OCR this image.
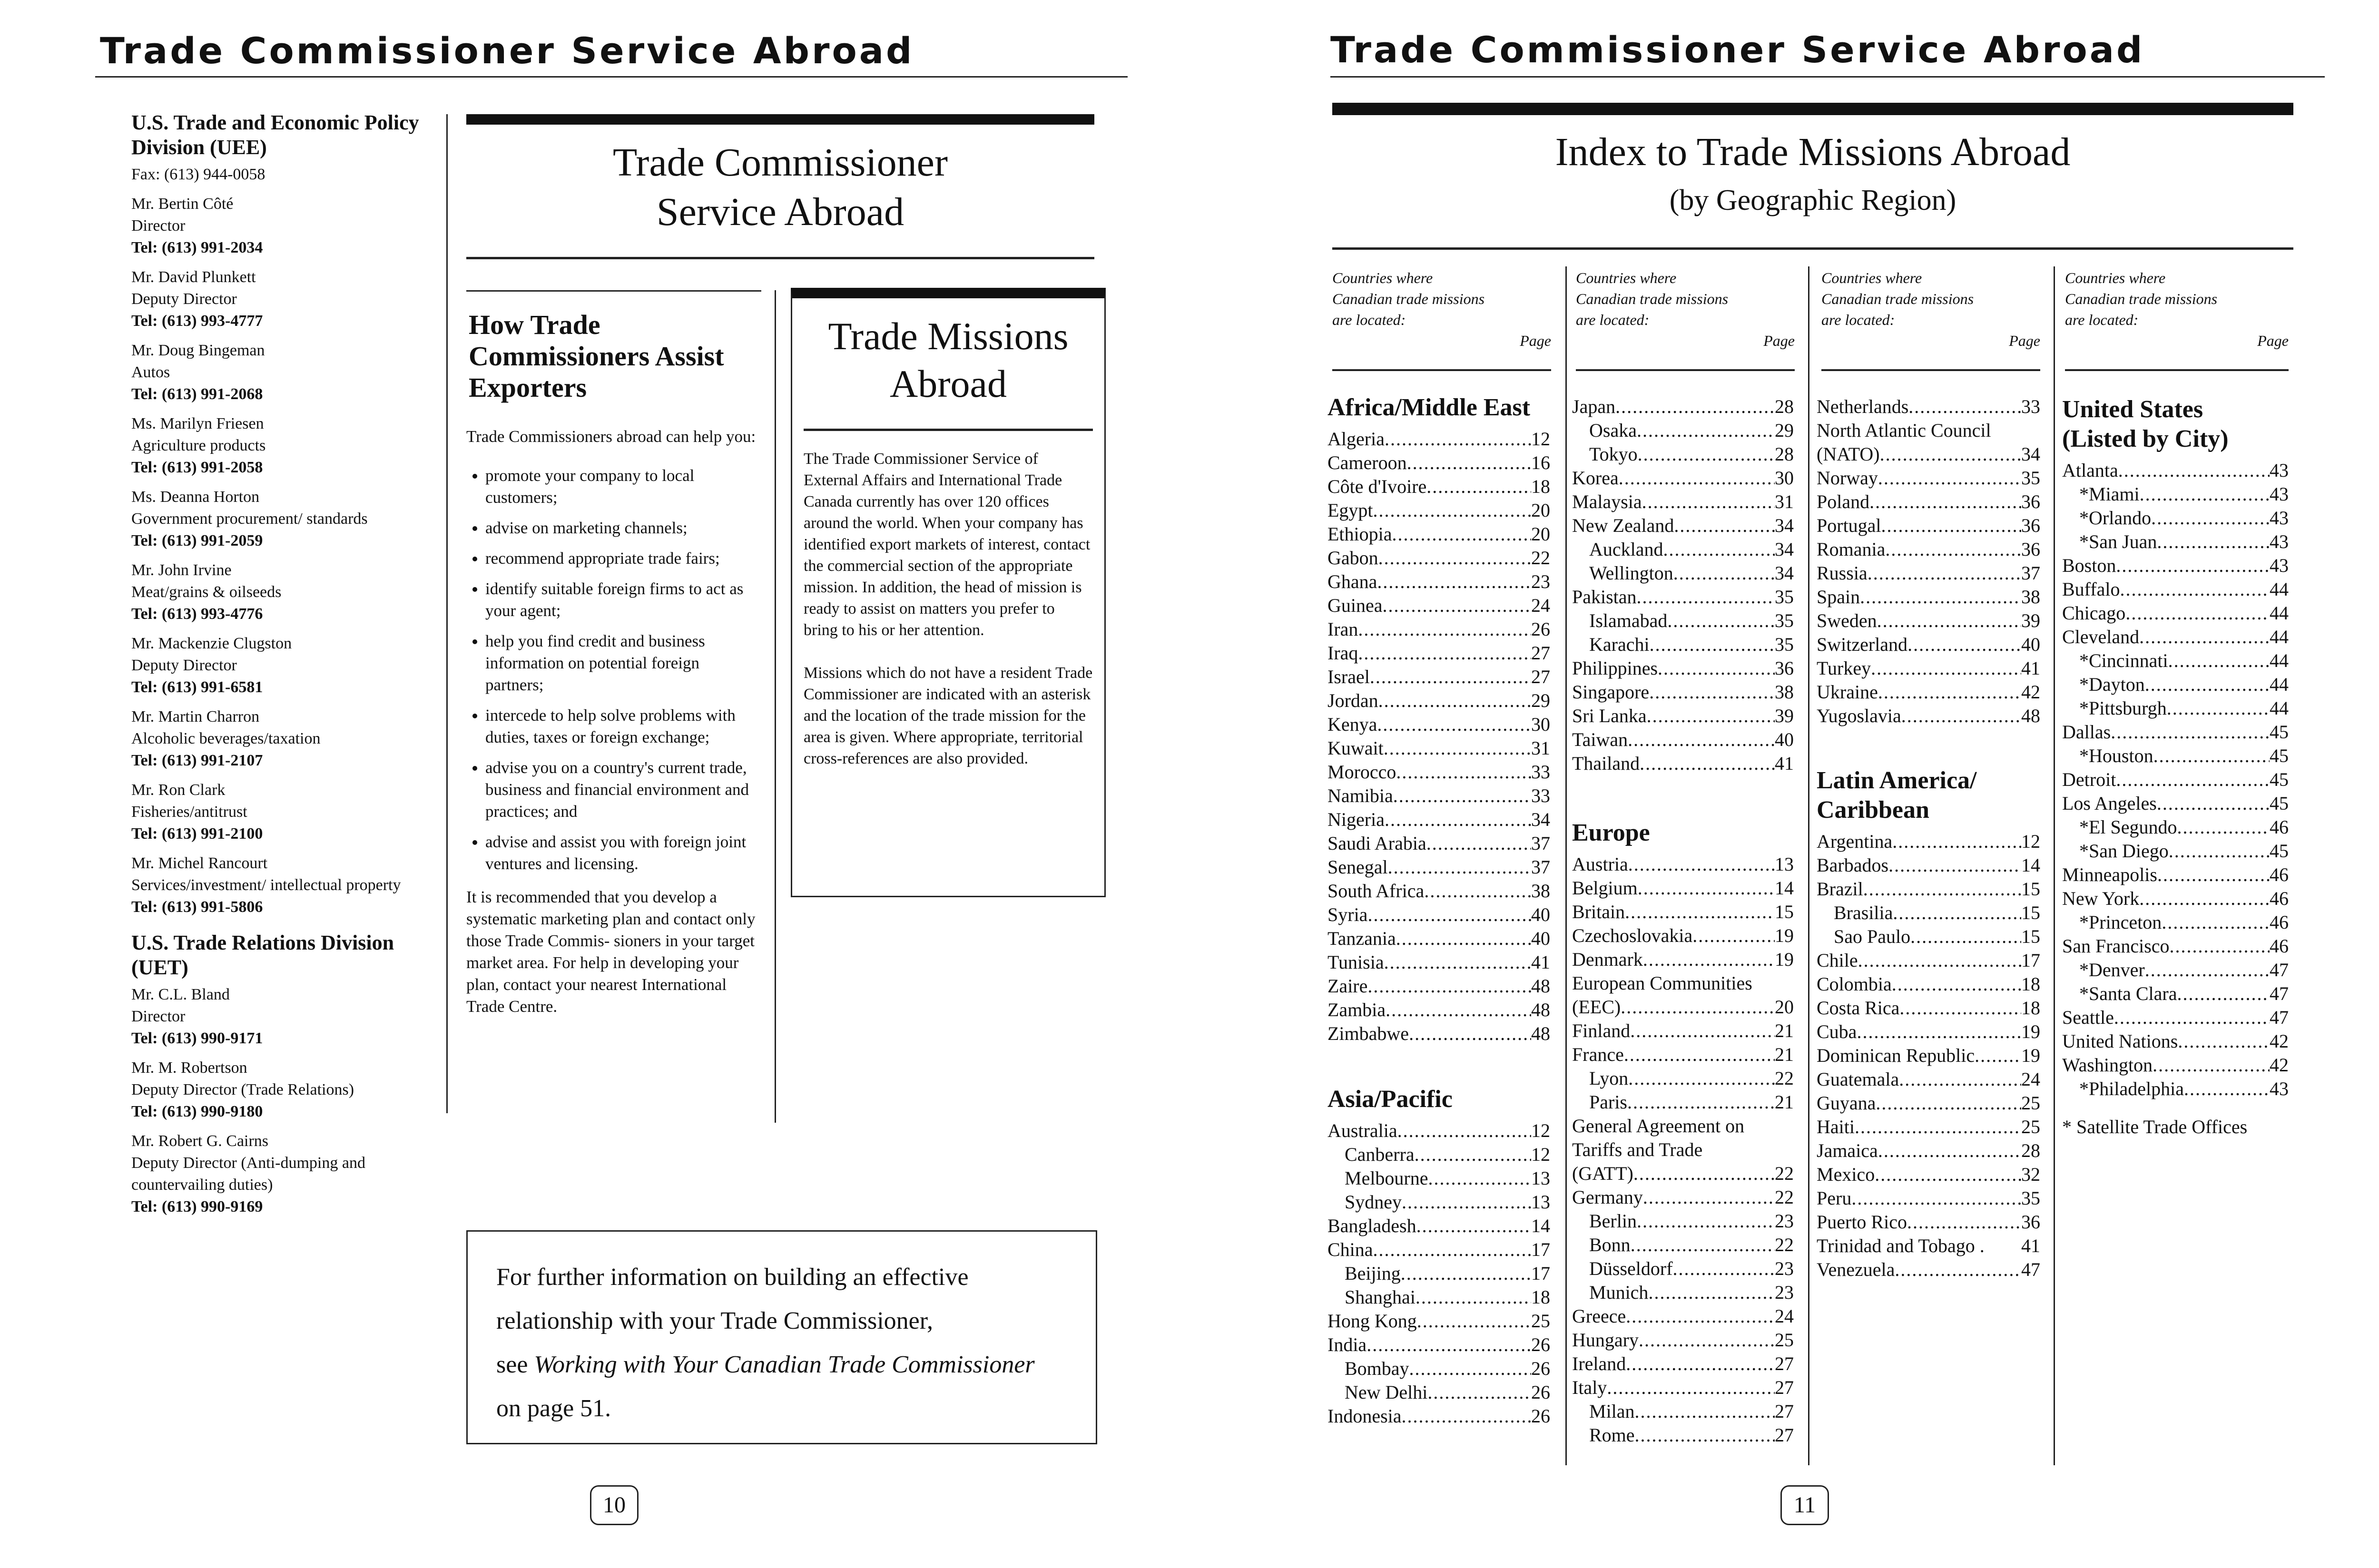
Trade Commissioner Service Abroad
U.S. Trade and Economic Policy Division (UEE)
Fax: (613) 944-0058
Mr. Bertin Côté
Director
Tel: (613) 991-2034
Mr. David Plunkett
Deputy Director
Tel: (613) 993-4777
Mr. Doug Bingeman
Autos
Tel: (613) 991-2068
Ms. Marilyn Friesen
Agriculture products
Tel: (613) 991-2058
Ms. Deanna Horton
Government procurement/ standards
Tel: (613) 991-2059
Mr. John Irvine
Meat/grains & oilseeds
Tel: (613) 993-4776
Mr. Mackenzie Clugston
Deputy Director
Tel: (613) 991-6581
Mr. Martin Charron
Alcoholic beverages/taxation
Tel: (613) 991-2107
Mr. Ron Clark
Fisheries/antitrust
Tel: (613) 991-2100
Mr. Michel Rancourt
Services/investment/ intellectual property
Tel: (613) 991-5806
U.S. Trade Relations Division (UET)
Mr. C.L. Bland
Director
Tel: (613) 990-9171
Mr. M. Robertson
Deputy Director (Trade Relations)
Tel: (613) 990-9180
Mr. Robert G. Cairns
Deputy Director (Anti-dumping and countervailing duties)
Tel: (613) 990-9169
Trade Commissioner
Service Abroad
How Trade Commissioners Assist Exporters
Trade Commissioners abroad can help you:
• promote your company to local customers;
• advise on marketing channels;
• recommend appropriate trade fairs;
• identify suitable foreign firms to act as your agent;
• help you find credit and business information on potential foreign partners;
• intercede to help solve problems with duties, taxes or foreign exchange;
• advise you on a country's current trade, business and financial environment and practices; and
• advise and assist you with foreign joint ventures and licensing.
It is recommended that you develop a systematic marketing plan and contact only those Trade Commis- sioners in your target market area. For help in developing your plan, contact your nearest International Trade Centre.
Trade Missions
Abroad
The Trade Commissioner Service of External Affairs and International Trade Canada currently has over 120 offices around the world. When your company has identified export markets of interest, contact the commercial section of the appropriate mission. In addition, the head of mission is ready to assist on matters you prefer to bring to his or her attention.
Missions which do not have a resident Trade Commissioner are indicated with an asterisk and the location of the trade mission for the area is given. Where appropriate, territorial cross-references are also provided.
For further information on building an effective
relationship with your Trade Commissioner,
see Working with Your Canadian Trade Commissioner
on page 51.
10
Trade Commissioner Service Abroad
Index to Trade Missions Abroad
(by Geographic Region)
Countries where
Canadian trade missions
are located:
Page
Countries where
Canadian trade missions
are located:
Page
Countries where
Canadian trade missions
are located:
Page
Countries where
Canadian trade missions
are located:
Page
Africa/Middle East
Algeria .....	12
Cameroon .....	16
Côte d'Ivoire .....	18
Egypt .....	20
Ethiopia .....	20
Gabon .....	22
Ghana .....	23
Guinea .....	24
Iran .....	26
Iraq .....	27
Israel .....	27
Jordan .....	29
Kenya .....	30
Kuwait .....	31
Morocco .....	33
Namibia .....	33
Nigeria .....	34
Saudi Arabia .....	37
Senegal .....	37
South Africa .....	38
Syria .....	40
Tanzania .....	40
Tunisia .....	41
Zaire .....	48
Zambia .....	48
Zimbabwe .....	48
Asia/Pacific
Australia .....	12
Canberra .....	12
Melbourne .....	13
Sydney .....	13
Bangladesh .....	14
China .....	17
Beijing .....	17
Shanghai .....	18
Hong Kong .....	25
India .....	26
Bombay .....	26
New Delhi .....	26
Indonesia .....	26
Japan .....	28
Osaka .....	29
Tokyo .....	28
Korea .....	30
Malaysia .....	31
New Zealand .....	34
Auckland .....	34
Wellington .....	34
Pakistan .....	35
Islamabad .....	35
Karachi .....	35
Philippines .....	36
Singapore .....	38
Sri Lanka .....	39
Taiwan .....	40
Thailand .....	41
Europe
Austria .....	13
Belgium .....	14
Britain .....	15
Czechoslovakia .....	19
Denmark .....	19
European Communities
(EEC) .....	20
Finland .....	21
France .....	21
Lyon .....	22
Paris .....	21
General Agreement on
Tariffs and Trade
(GATT) .....	22
Germany .....	22
Berlin .....	23
Bonn .....	22
Düsseldorf .....	23
Munich .....	23
Greece .....	24
Hungary .....	25
Ireland .....	27
Italy .....	27
Milan .....	27
Rome .....	27
Netherlands .....	33
North Atlantic Council
(NATO) .....	34
Norway .....	35
Poland .....	36
Portugal .....	36
Romania .....	36
Russia .....	37
Spain .....	38
Sweden .....	39
Switzerland .....	40
Turkey .....	41
Ukraine .....	42
Yugoslavia .....	48
Latin America/
Caribbean
Argentina .....	12
Barbados .....	14
Brazil .....	15
Brasilia .....	15
Sao Paulo .....	15
Chile .....	17
Colombia .....	18
Costa Rica .....	18
Cuba .....	19
Dominican Republic ..... 19
Guatemala .....	24
Guyana .....	25
Haiti .....	25
Jamaica .....	28
Mexico .....	32
Peru .....	35
Puerto Rico .....	36
Trinidad and Tobago . 41
Venezuela .....	47
United States
(Listed by City)
Atlanta .....	43
*Miami .....	43
*Orlando .....	43
*San Juan .....	43
Boston .....	43
Buffalo .....	44
Chicago .....	44
Cleveland .....	44
*Cincinnati .....	44
*Dayton .....	44
*Pittsburgh .....	44
Dallas .....	45
*Houston .....	45
Detroit .....	45
Los Angeles .....	45
*El Segundo .....	46
*San Diego .....	45
Minneapolis .....	46
New York .....	46
*Princeton .....	46
San Francisco .....	46
*Denver .....	47
*Santa Clara .....	47
Seattle .....	47
United Nations .....	42
Washington .....	42
*Philadelphia .....	43
* Satellite Trade Offices
11
